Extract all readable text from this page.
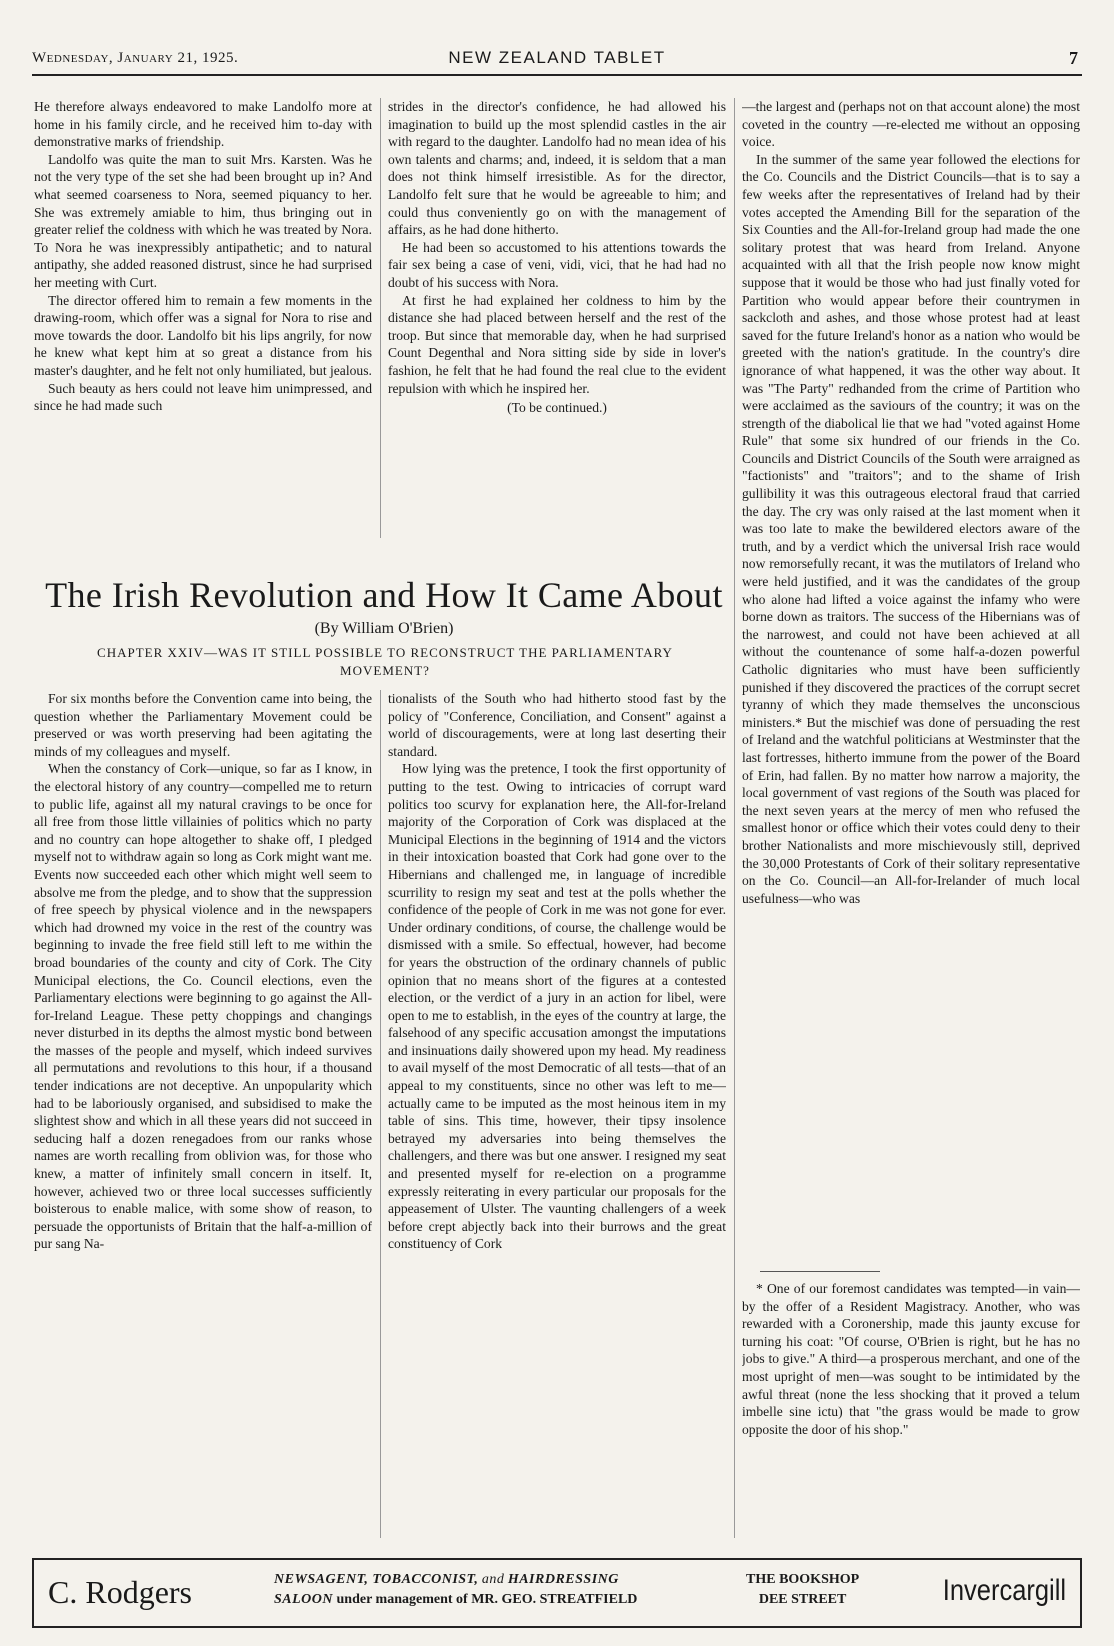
Wednesday, January 21, 1925.	NEW ZEALAND TABLET	7

He therefore always endeavored to make Landolfo more at home in his family circle, and he received him to-day with demonstrative marks of friendship.

Landolfo was quite the man to suit Mrs. Karsten. Was he not the very type of the set she had been brought up in? And what seemed coarseness to Nora, seemed piquancy to her. She was extremely amiable to him, thus bringing out in greater relief the coldness with which he was treated by Nora. To Nora he was inexpressibly antipathetic; and to natural antipathy, she added reasoned distrust, since he had surprised her meeting with Curt.

The director offered him to remain a few moments in the drawing-room, which offer was a signal for Nora to rise and move towards the door. Landolfo bit his lips angrily, for now he knew what kept him at so great a distance from his master's daughter, and he felt not only humiliated, but jealous.

Such beauty as hers could not leave him unimpressed, and since he had made such

strides in the director's confidence, he had allowed his imagination to build up the most splendid castles in the air with regard to the daughter. Landolfo had no mean idea of his own talents and charms; and, indeed, it is seldom that a man does not think himself irresistible. As for the director, Landolfo felt sure that he would be agreeable to him; and could thus conveniently go on with the management of affairs, as he had done hitherto.

He had been so accustomed to his attentions towards the fair sex being a case of veni, vidi, vici, that he had had no doubt of his success with Nora.

At first he had explained her coldness to him by the distance she had placed between herself and the rest of the troop. But since that memorable day, when he had surprised Count Degenthal and Nora sitting side by side in lover's fashion, he felt that he had found the real clue to the evident repulsion with which he inspired her.

(To be continued.)

The Irish Revolution and How It Came About
(By William O'Brien)
CHAPTER XXIV—WAS IT STILL POSSIBLE TO RECONSTRUCT THE PARLIAMENTARY MOVEMENT?

For six months before the Convention came into being, the question whether the Parliamentary Movement could be preserved or was worth preserving had been agitating the minds of my colleagues and myself.

When the constancy of Cork—unique, so far as I know, in the electoral history of any country—compelled me to return to public life, against all my natural cravings to be once for all free from those little villainies of politics which no party and no country can hope altogether to shake off, I pledged myself not to withdraw again so long as Cork might want me. Events now succeeded each other which might well seem to absolve me from the pledge, and to show that the suppression of free speech by physical violence and in the newspapers which had drowned my voice in the rest of the country was beginning to invade the free field still left to me within the broad boundaries of the county and city of Cork. The City Municipal elections, the Co. Council elections, even the Parliamentary elections were beginning to go against the All-for-Ireland League. These petty choppings and changings never disturbed in its depths the almost mystic bond between the masses of the people and myself, which indeed survives all permutations and revolutions to this hour, if a thousand tender indications are not deceptive. An unpopularity which had to be laboriously organised, and subsidised to make the slightest show and which in all these years did not succeed in seducing half a dozen renegadoes from our ranks whose names are worth recalling from oblivion was, for those who knew, a matter of infinitely small concern in itself. It, however, achieved two or three local successes sufficiently boisterous to enable malice, with some show of reason, to persuade the opportunists of Britain that the half-a-million of pur sang Na-

tionalists of the South who had hitherto stood fast by the policy of "Conference, Conciliation, and Consent" against a world of discouragements, were at long last deserting their standard.

How lying was the pretence, I took the first opportunity of putting to the test. Owing to intricacies of corrupt ward politics too scurvy for explanation here, the All-for-Ireland majority of the Corporation of Cork was displaced at the Municipal Elections in the beginning of 1914 and the victors in their intoxication boasted that Cork had gone over to the Hibernians and challenged me, in language of incredible scurrility to resign my seat and test at the polls whether the confidence of the people of Cork in me was not gone for ever. Under ordinary conditions, of course, the challenge would be dismissed with a smile. So effectual, however, had become for years the obstruction of the ordinary channels of public opinion that no means short of the figures at a contested election, or the verdict of a jury in an action for libel, were open to me to establish, in the eyes of the country at large, the falsehood of any specific accusation amongst the imputations and insinuations daily showered upon my head. My readiness to avail myself of the most Democratic of all tests—that of an appeal to my constituents, since no other was left to me—actually came to be imputed as the most heinous item in my table of sins. This time, however, their tipsy insolence betrayed my adversaries into being themselves the challengers, and there was but one answer. I resigned my seat and presented myself for re-election on a programme expressly reiterating in every particular our proposals for the appeasement of Ulster. The vaunting challengers of a week before crept abjectly back into their burrows and the great constituency of Cork

—the largest and (perhaps not on that account alone) the most coveted in the country —re-elected me without an opposing voice.

In the summer of the same year followed the elections for the Co. Councils and the District Councils—that is to say a few weeks after the representatives of Ireland had by their votes accepted the Amending Bill for the separation of the Six Counties and the All-for-Ireland group had made the one solitary protest that was heard from Ireland. Anyone acquainted with all that the Irish people now know might suppose that it would be those who had just finally voted for Partition who would appear before their countrymen in sackcloth and ashes, and those whose protest had at least saved for the future Ireland's honor as a nation who would be greeted with the nation's gratitude. In the country's dire ignorance of what happened, it was the other way about. It was "The Party" redhanded from the crime of Partition who were acclaimed as the saviours of the country; it was on the strength of the diabolical lie that we had "voted against Home Rule" that some six hundred of our friends in the Co. Councils and District Councils of the South were arraigned as "factionists" and "traitors"; and to the shame of Irish gullibility it was this outrageous electoral fraud that carried the day. The cry was only raised at the last moment when it was too late to make the bewildered electors aware of the truth, and by a verdict which the universal Irish race would now remorsefully recant, it was the mutilators of Ireland who were held justified, and it was the candidates of the group who alone had lifted a voice against the infamy who were borne down as traitors. The success of the Hibernians was of the narrowest, and could not have been achieved at all without the countenance of some half-a-dozen powerful Catholic dignitaries who must have been sufficiently punished if they discovered the practices of the corrupt secret tyranny of which they made themselves the unconscious ministers.* But the mischief was done of persuading the rest of Ireland and the watchful politicians at Westminster that the last fortresses, hitherto immune from the power of the Board of Erin, had fallen. By no matter how narrow a majority, the local government of vast regions of the South was placed for the next seven years at the mercy of men who refused the smallest honor or office which their votes could deny to their brother Nationalists and more mischievously still, deprived the 30,000 Protestants of Cork of their solitary representative on the Co. Council—an All-for-Irelander of much local usefulness—who was

* One of our foremost candidates was tempted—in vain—by the offer of a Resident Magistracy. Another, who was rewarded with a Coronership, made this jaunty excuse for turning his coat: "Of course, O'Brien is right, but he has no jobs to give." A third—a prosperous merchant, and one of the most upright of men—was sought to be intimidated by the awful threat (none the less shocking that it proved a telum imbelle sine ictu) that "the grass would be made to grow opposite the door of his shop."

C. Rodgers	NEWSAGENT, TOBACCONIST, and HAIRDRESSING
SALOON under management of MR. GEO. STREATFIELD
THE BOOKSHOP
DEE STREET	Invercargill
